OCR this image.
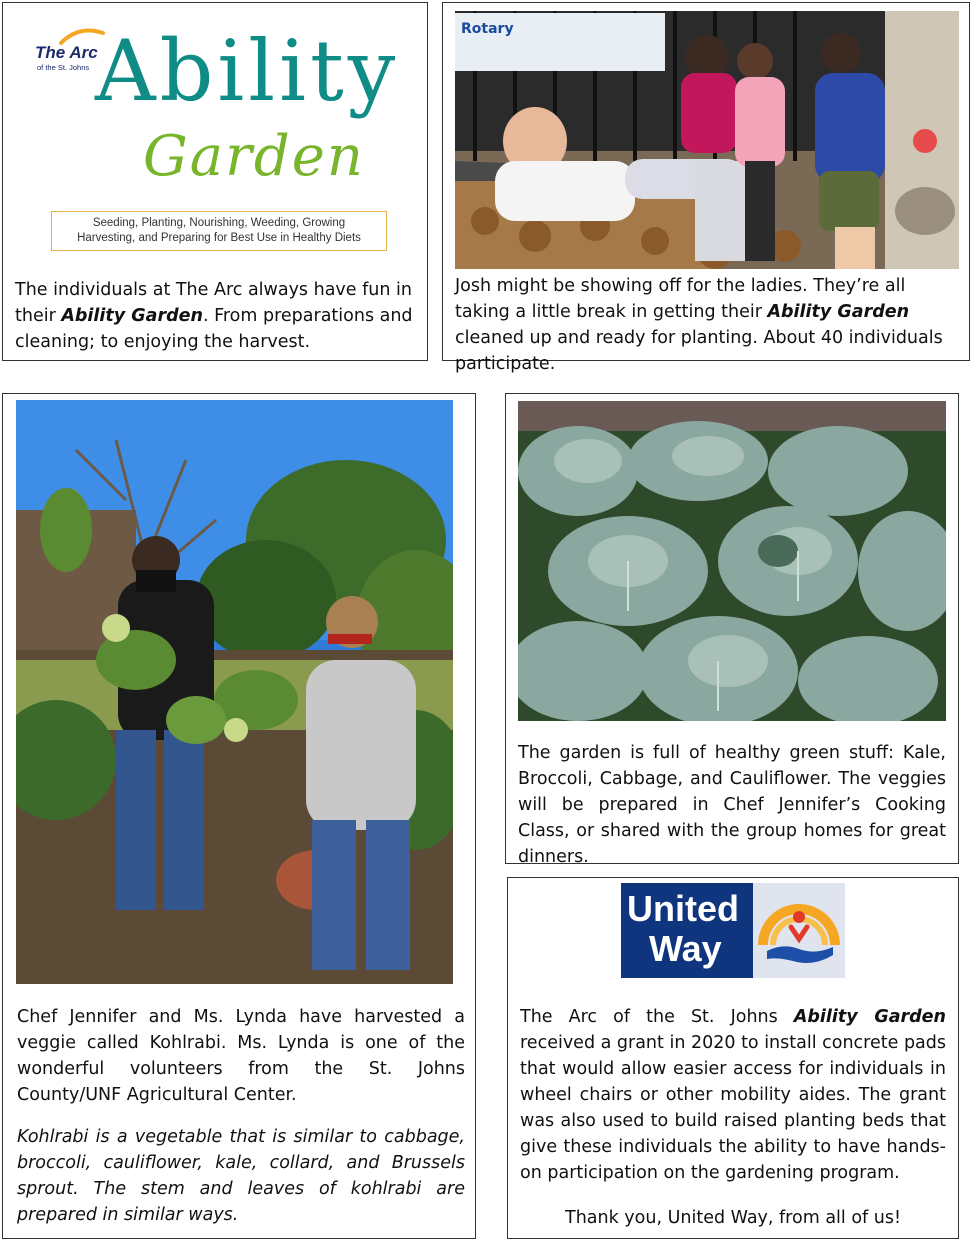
The Arc
of the St. Johns Ability
Garden
Seeding, Planting, Nourishing, Weeding, Growing
Harvesting, and Preparing for Best Use in Healthy Diets
The individuals at The Arc always have fun in their Ability Garden. From preparations and cleaning; to enjoying the harvest.
Rotary
Josh might be showing off for the ladies. They’re all taking a little break in getting their Ability Garden cleaned up and ready for planting. About 40 individuals participate.

Chef Jennifer and Ms. Lynda have harvested a veggie called Kohlrabi. Ms. Lynda is one of the wonderful volunteers from the St. Johns County/UNF Agricultural Center.

Kohlrabi is a vegetable that is similar to cabbage, broccoli, cauliflower, kale, collard, and Brussels sprout. The stem and leaves of kohlrabi are prepared in similar ways.

The garden is full of healthy green stuff: Kale, Broccoli, Cabbage, and Cauliflower. The veggies will be prepared in Chef Jennifer’s Cooking Class, or shared with the group homes for great dinners.

United
Way
The Arc of the St. Johns Ability Garden received a grant in 2020 to install concrete pads that would allow easier access for individuals in wheel chairs or other mobility aides. The grant was also used to build raised planting beds that give these individuals the ability to have hands-on participation on the gardening program.
Thank you, United Way, from all of us!
